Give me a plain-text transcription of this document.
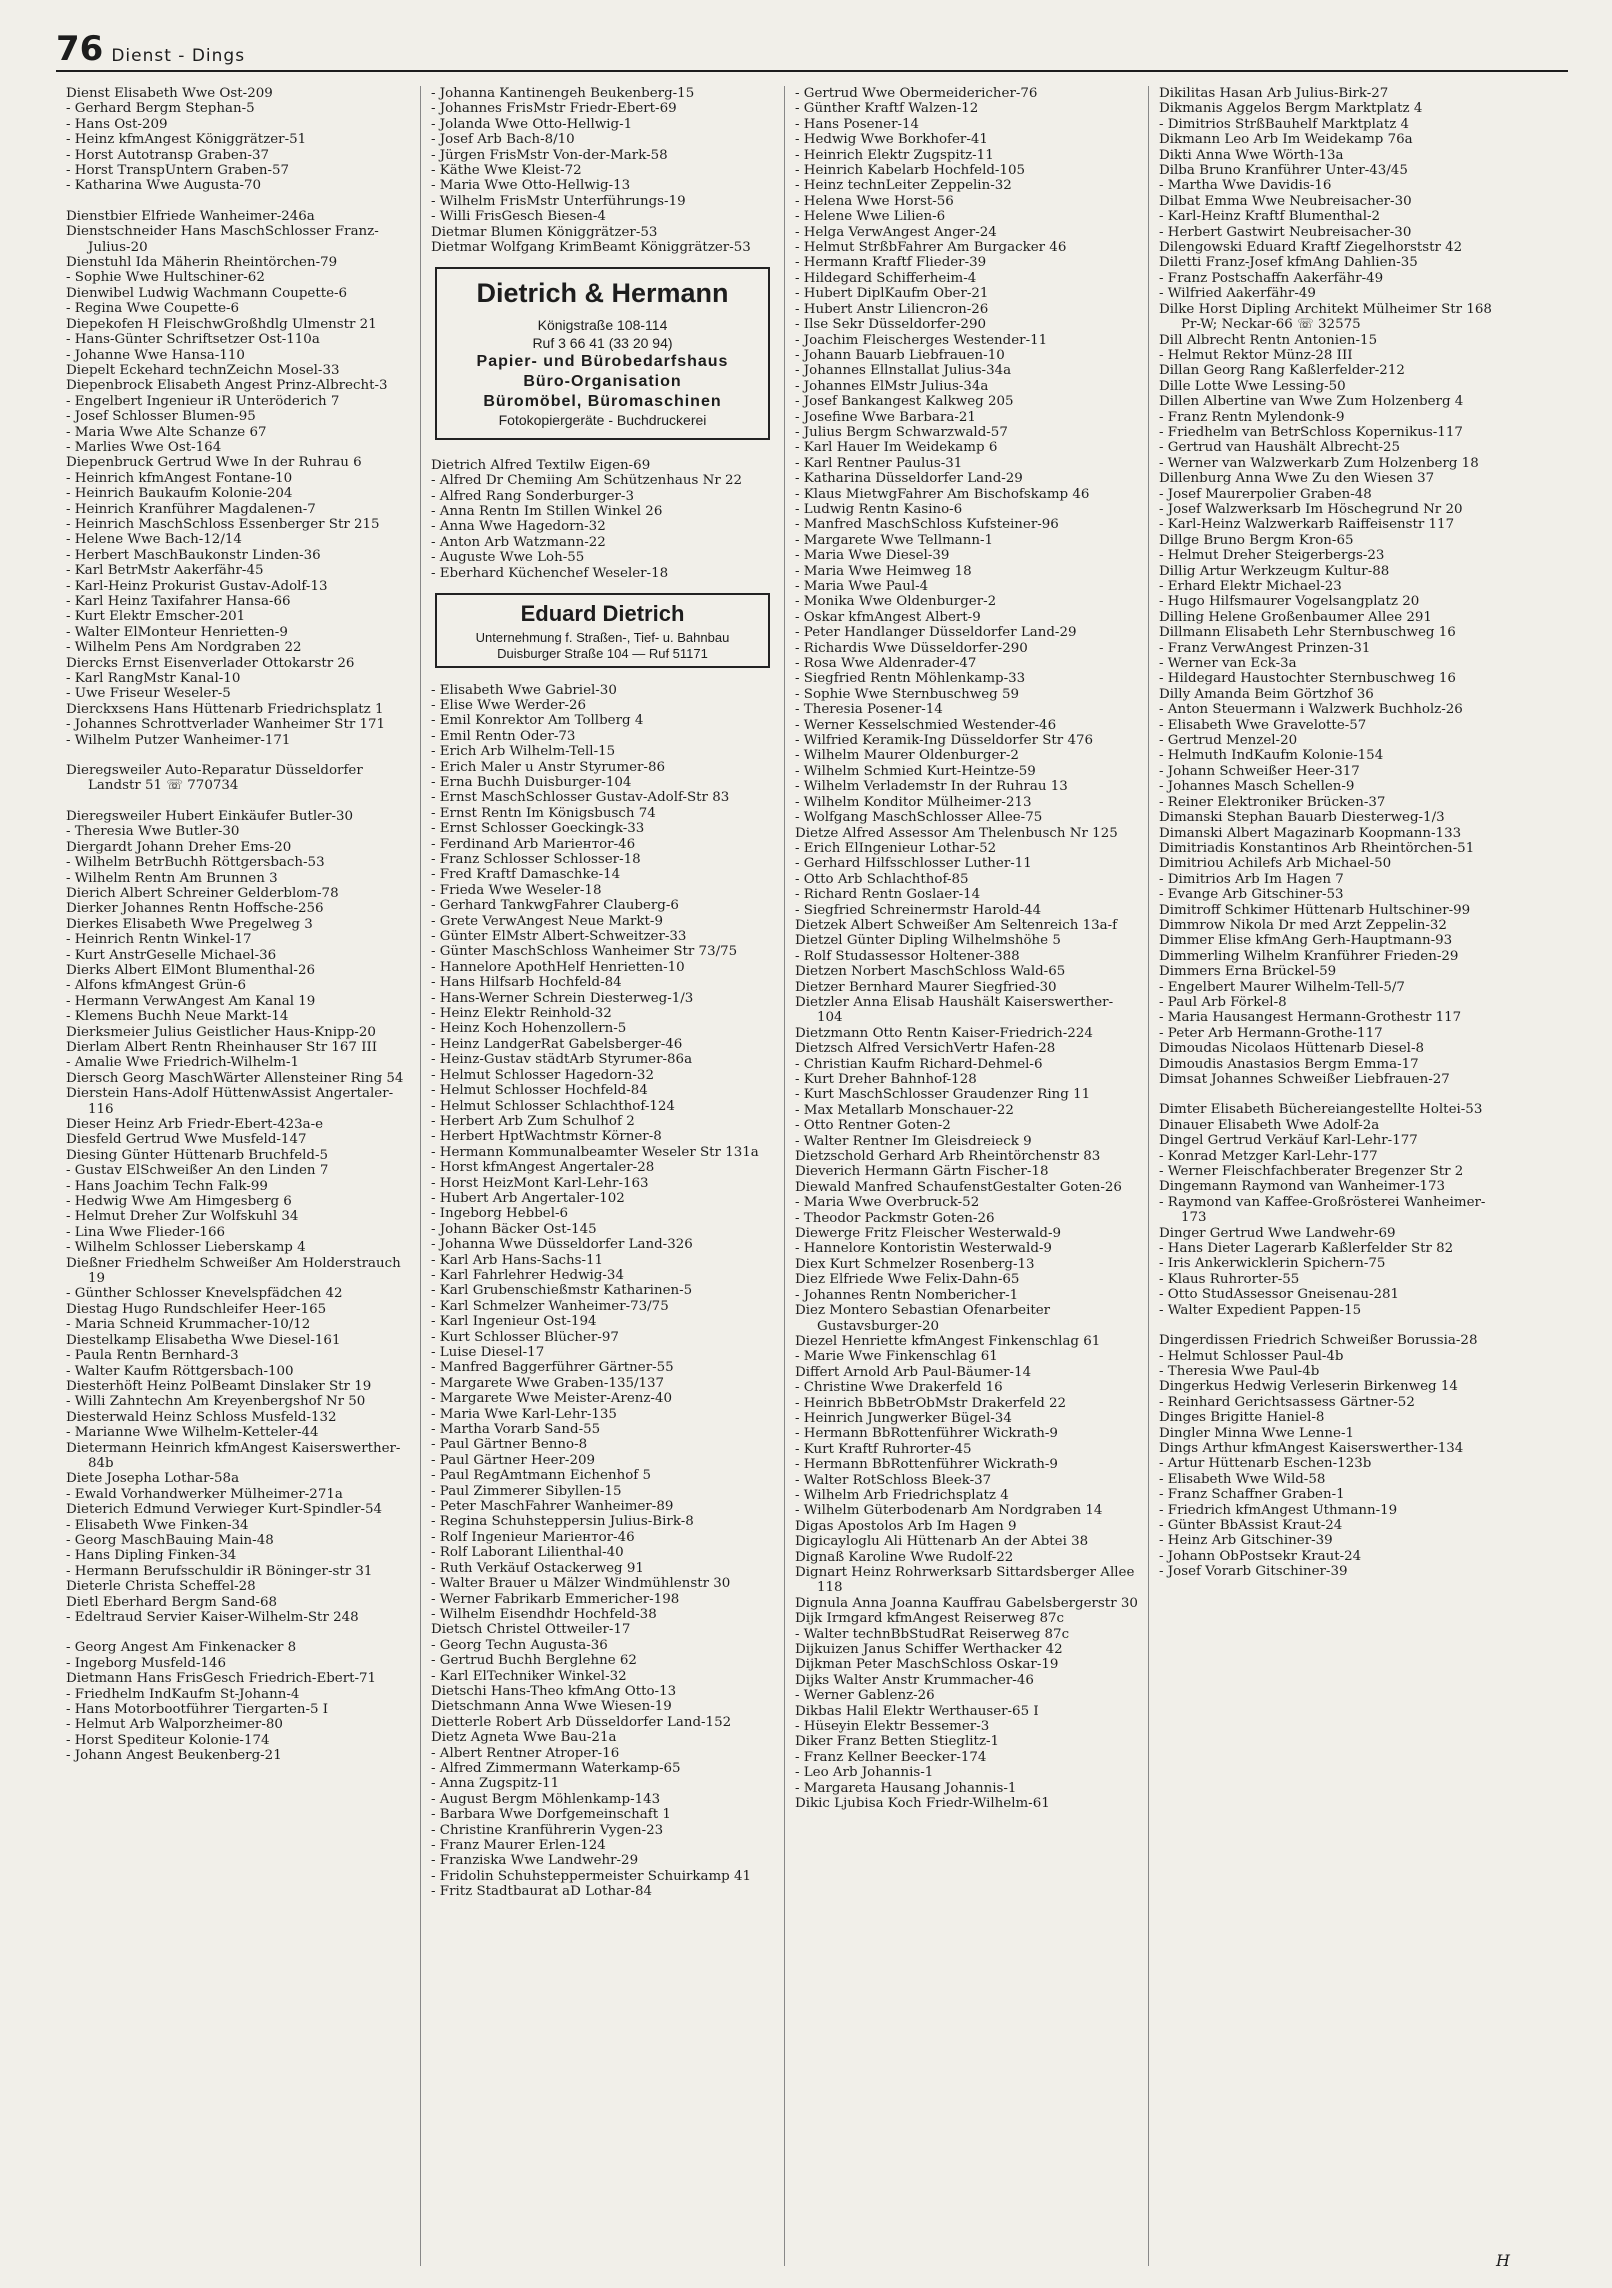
76 Dienst - Dings

Dienst Elisabeth Wwe Ost-209

- Gerhard Bergm Stephan-5

- Hans Ost-209

- Heinz kfmAngest Königgrätzer-51

- Horst Autotransp Graben-37

- Horst TranspUntern Graben-57

- Katharina Wwe Augusta-70

Dienstbier Elfriede Wanheimer-246a

Dienstschneider Hans MaschSchlosser Franz-Julius-20

Dienstuhl Ida Mäherin Rheintörchen-79

- Sophie Wwe Hultschiner-62

Dienwibel Ludwig Wachmann Coupette-6

- Regina Wwe Coupette-6

Diepekofen H FleischwGroßhdlg Ulmenstr 21

- Hans-Günter Schriftsetzer Ost-110a

- Johanne Wwe Hansa-110

Diepelt Eckehard technZeichn Mosel-33

Diepenbrock Elisabeth Angest Prinz-Albrecht-3

- Engelbert Ingenieur iR Unteröderich 7

- Josef Schlosser Blumen-95

- Maria Wwe Alte Schanze 67

- Marlies Wwe Ost-164

Diepenbruck Gertrud Wwe In der Ruhrau 6

- Heinrich kfmAngest Fontane-10

- Heinrich Baukaufm Kolonie-204

- Heinrich Kranführer Magdalenen-7

- Heinrich MaschSchloss Essenberger Str 215

- Helene Wwe Bach-12/14

- Herbert MaschBaukonstr Linden-36

- Karl BetrMstr Aakerfähr-45

- Karl-Heinz Prokurist Gustav-Adolf-13

- Karl Heinz Taxifahrer Hansa-66

- Kurt Elektr Emscher-201

- Walter ElMonteur Henrietten-9

- Wilhelm Pens Am Nordgraben 22

Diercks Ernst Eisenverlader Ottokarstr 26

- Karl RangMstr Kanal-10

- Uwe Friseur Weseler-5

Dierckxsens Hans Hüttenarb Friedrichsplatz 1

- Johannes Schrottverlader Wanheimer Str 171

- Wilhelm Putzer Wanheimer-171

Dieregsweiler Auto-Reparatur Düsseldorfer Landstr 51 ☏ 770734

Dieregsweiler Hubert Einkäufer Butler-30

- Theresia Wwe Butler-30

Diergardt Johann Dreher Ems-20

- Wilhelm BetrBuchh Röttgersbach-53

- Wilhelm Rentn Am Brunnen 3

Dierich Albert Schreiner Gelderblom-78

Dierker Johannes Rentn Hoffsche-256

Dierkes Elisabeth Wwe Pregelweg 3

- Heinrich Rentn Winkel-17

- Kurt AnstrGeselle Michael-36

Dierks Albert ElMont Blumenthal-26

- Alfons kfmAngest Grün-6

- Hermann VerwAngest Am Kanal 19

- Klemens Buchh Neue Markt-14

Dierksmeier Julius Geistlicher Haus-Knipp-20

Dierlam Albert Rentn Rheinhauser Str 167 III

- Amalie Wwe Friedrich-Wilhelm-1

Diersch Georg MaschWärter Allensteiner Ring 54

Dierstein Hans-Adolf HüttenwAssist Angertaler-116

Dieser Heinz Arb Friedr-Ebert-423a-e

Diesfeld Gertrud Wwe Musfeld-147

Diesing Günter Hüttenarb Bruchfeld-5

- Gustav ElSchweißer An den Linden 7

- Hans Joachim Techn Falk-99

- Hedwig Wwe Am Himgesberg 6

- Helmut Dreher Zur Wolfskuhl 34

- Lina Wwe Flieder-166

- Wilhelm Schlosser Lieberskamp 4

Dießner Friedhelm Schweißer Am Holderstrauch 19

- Günther Schlosser Knevelspfädchen 42

Diestag Hugo Rundschleifer Heer-165

- Maria Schneid Krummacher-10/12

Diestelkamp Elisabetha Wwe Diesel-161

- Paula Rentn Bernhard-3

- Walter Kaufm Röttgersbach-100

Diesterhöft Heinz PolBeamt Dinslaker Str 19

- Willi Zahntechn Am Kreyenbergshof Nr 50

Diesterwald Heinz Schloss Musfeld-132

- Marianne Wwe Wilhelm-Ketteler-44

Dietermann Heinrich kfmAngest Kaiserswerther-84b

Diete Josepha Lothar-58a

- Ewald Vorhandwerker Mülheimer-271a

Dieterich Edmund Verwieger Kurt-Spindler-54

- Elisabeth Wwe Finken-34

- Georg MaschBauing Main-48

- Hans Dipling Finken-34

- Hermann Berufsschuldir iR Böninger-str 31

Dieterle Christa Scheffel-28

Dietl Eberhard Bergm Sand-68

- Edeltraud Servier Kaiser-Wilhelm-Str 248

- Georg Angest Am Finkenacker 8

- Ingeborg Musfeld-146

Dietmann Hans FrisGesch Friedrich-Ebert-71

- Friedhelm IndKaufm St-Johann-4

- Hans Motorbootführer Tiergarten-5 I

- Helmut Arb Walporzheimer-80

- Horst Spediteur Kolonie-174

- Johann Angest Beukenberg-21

- Johanna Kantinengeh Beukenberg-15

- Johannes FrisMstr Friedr-Ebert-69

- Jolanda Wwe Otto-Hellwig-1

- Josef Arb Bach-8/10

- Jürgen FrisMstr Von-der-Mark-58

- Käthe Wwe Kleist-72

- Maria Wwe Otto-Hellwig-13

- Wilhelm FrisMstr Unterführungs-19

- Willi FrisGesch Biesen-4

Dietmar Blumen Königgrätzer-53

Dietmar Wolfgang KrimBeamt Königgrätzer-53

Dietrich & Hermann
Königstraße 108-114
Ruf 3 66 41 (33 20 94)
Papier- und Bürobedarfshaus
Büro-Organisation
Büromöbel, Büromaschinen
Fotokopiergeräte - Buchdruckerei

Dietrich Alfred Textilw Eigen-69

- Alfred Dr Chemiing Am Schützenhaus Nr 22

- Alfred Rang Sonderburger-3

- Anna Rentn Im Stillen Winkel 26

- Anna Wwe Hagedorn-32

- Anton Arb Watzmann-22

- Auguste Wwe Loh-55

- Eberhard Küchenchef Weseler-18

Eduard Dietrich
Unternehmung f. Straßen-, Tief- u. Bahnbau
Duisburger Straße 104 — Ruf 51171

- Elisabeth Wwe Gabriel-30

- Elise Wwe Werder-26

- Emil Konrektor Am Tollberg 4

- Emil Rentn Oder-73

- Erich Arb Wilhelm-Tell-15

- Erich Maler u Anstr Styrumer-86

- Erna Buchh Duisburger-104

- Ernst MaschSchlosser Gustav-Adolf-Str 83

- Ernst Rentn Im Königsbusch 74

- Ernst Schlosser Goeckingk-33

- Ferdinand Arb Mariентor-46

- Franz Schlosser Schlosser-18

- Fred Kraftf Damaschke-14

- Frieda Wwe Weseler-18

- Gerhard TankwgFahrer Clauberg-6

- Grete VerwAngest Neue Markt-9

- Günter ElMstr Albert-Schweitzer-33

- Günter MaschSchloss Wanheimer Str 73/75

- Hannelore ApothHelf Henrietten-10

- Hans Hilfsarb Hochfeld-84

- Hans-Werner Schrein Diesterweg-1/3

- Heinz Elektr Reinhold-32

- Heinz Koch Hohenzollern-5

- Heinz LandgerRat Gabelsberger-46

- Heinz-Gustav städtArb Styrumer-86a

- Helmut Schlosser Hagedorn-32

- Helmut Schlosser Hochfeld-84

- Helmut Schlosser Schlachthof-124

- Herbert Arb Zum Schulhof 2

- Herbert HptWachtmstr Körner-8

- Hermann Kommunalbeamter Weseler Str 131a

- Horst kfmAngest Angertaler-28

- Horst HeizMont Karl-Lehr-163

- Hubert Arb Angertaler-102

- Ingeborg Hebbel-6

- Johann Bäcker Ost-145

- Johanna Wwe Düsseldorfer Land-326

- Karl Arb Hans-Sachs-11

- Karl Fahrlehrer Hedwig-34

- Karl Grubenschießmstr Katharinen-5

- Karl Schmelzer Wanheimer-73/75

- Karl Ingenieur Ost-194

- Kurt Schlosser Blücher-97

- Luise Diesel-17

- Manfred Baggerführer Gärtner-55

- Margarete Wwe Graben-135/137

- Margarete Wwe Meister-Arenz-40

- Maria Wwe Karl-Lehr-135

- Martha Vorarb Sand-55

- Paul Gärtner Benno-8

- Paul Gärtner Heer-209

- Paul RegAmtmann Eichenhof 5

- Paul Zimmerer Sibyllen-15

- Peter MaschFahrer Wanheimer-89

- Regina Schuhsteppersin Julius-Birk-8

- Rolf Ingenieur Mariентor-46

- Rolf Laborant Lilienthal-40

- Ruth Verkäuf Ostackerweg 91

- Walter Brauer u Mälzer Windmühlenstr 30

- Werner Fabrikarb Emmericher-198

- Wilhelm Eisendhdr Hochfeld-38

Dietsch Christel Ottweiler-17

- Georg Techn Augusta-36

- Gertrud Buchh Berglehne 62

- Karl ElTechniker Winkel-32

Dietschi Hans-Theo kfmAng Otto-13

Dietschmann Anna Wwe Wiesen-19

Dietterle Robert Arb Düsseldorfer Land-152

Dietz Agneta Wwe Bau-21a

- Albert Rentner Atroper-16

- Alfred Zimmermann Waterkamp-65

- Anna Zugspitz-11

- August Bergm Möhlenkamp-143

- Barbara Wwe Dorfgemeinschaft 1

- Christine Kranführerin Vygen-23

- Franz Maurer Erlen-124

- Franziska Wwe Landwehr-29

- Fridolin Schuhsteppermeister Schuirkamp 41

- Fritz Stadtbaurat aD Lothar-84

- Gertrud Wwe Obermeidericher-76

- Günther Kraftf Walzen-12

- Hans Posener-14

- Hedwig Wwe Borkhofer-41

- Heinrich Elektr Zugspitz-11

- Heinrich Kabelarb Hochfeld-105

- Heinz technLeiter Zeppelin-32

- Helena Wwe Horst-56

- Helene Wwe Lilien-6

- Helga VerwAngest Anger-24

- Helmut StrßbFahrer Am Burgacker 46

- Hermann Kraftf Flieder-39

- Hildegard Schifferheim-4

- Hubert DiplKaufm Ober-21

- Hubert Anstr Liliencron-26

- Ilse Sekr Düsseldorfer-290

- Joachim Fleischerges Westender-11

- Johann Bauarb Liebfrauen-10

- Johannes Ellnstallat Julius-34a

- Johannes ElMstr Julius-34a

- Josef Bankangest Kalkweg 205

- Josefine Wwe Barbara-21

- Julius Bergm Schwarzwald-57

- Karl Hauer Im Weidekamp 6

- Karl Rentner Paulus-31

- Katharina Düsseldorfer Land-29

- Klaus MietwgFahrer Am Bischofskamp 46

- Ludwig Rentn Kasino-6

- Manfred MaschSchloss Kufsteiner-96

- Margarete Wwe Tellmann-1

- Maria Wwe Diesel-39

- Maria Wwe Heimweg 18

- Maria Wwe Paul-4

- Monika Wwe Oldenburger-2

- Oskar kfmAngest Albert-9

- Peter Handlanger Düsseldorfer Land-29

- Richardis Wwe Düsseldorfer-290

- Rosa Wwe Aldenrader-47

- Siegfried Rentn Möhlenkamp-33

- Sophie Wwe Sternbuschweg 59

- Theresia Posener-14

- Werner Kesselschmied Westender-46

- Wilfried Keramik-Ing Düsseldorfer Str 476

- Wilhelm Maurer Oldenburger-2

- Wilhelm Schmied Kurt-Heintze-59

- Wilhelm Verlademstr In der Ruhrau 13

- Wilhelm Konditor Mülheimer-213

- Wolfgang MaschSchlosser Allee-75

Dietze Alfred Assessor Am Thelenbusch Nr 125

- Erich ElIngenieur Lothar-52

- Gerhard Hilfsschlosser Luther-11

- Otto Arb Schlachthof-85

- Richard Rentn Goslaer-14

- Siegfried Schreinermstr Harold-44

Dietzek Albert Schweißer Am Seltenreich 13a-f

Dietzel Günter Dipling Wilhelmshöhe 5

- Rolf Studassessor Holtener-388

Dietzen Norbert MaschSchloss Wald-65

Dietzer Bernhard Maurer Siegfried-30

Dietzler Anna Elisab Haushält Kaiserswerther-104

Dietzmann Otto Rentn Kaiser-Friedrich-224

Dietzsch Alfred VersichVertr Hafen-28

- Christian Kaufm Richard-Dehmel-6

- Kurt Dreher Bahnhof-128

- Kurt MaschSchlosser Graudenzer Ring 11

- Max Metallarb Monschauer-22

- Otto Rentner Goten-2

- Walter Rentner Im Gleisdreieck 9

Dietzschold Gerhard Arb Rheintörchenstr 83

Dieverich Hermann Gärtn Fischer-18

Diewald Manfred SchaufenstGestalter Goten-26

- Maria Wwe Overbruck-52

- Theodor Packmstr Goten-26

Diewerge Fritz Fleischer Westerwald-9

- Hannelore Kontoristin Westerwald-9

Diex Kurt Schmelzer Rosenberg-13

Diez Elfriede Wwe Felix-Dahn-65

- Johannes Rentn Nombericher-1

Diez Montero Sebastian Ofenarbeiter Gustavsburger-20

Diezel Henriette kfmAngest Finkenschlag 61

- Marie Wwe Finkenschlag 61

Differt Arnold Arb Paul-Bäumer-14

- Christine Wwe Drakerfeld 16

- Heinrich BbBetrObMstr Drakerfeld 22

- Heinrich Jungwerker Bügel-34

- Hermann BbRottenführer Wickrath-9

- Kurt Kraftf Ruhrorter-45

- Hermann BbRottenführer Wickrath-9

- Walter RotSchloss Bleek-37

- Wilhelm Arb Friedrichsplatz 4

- Wilhelm Güterbodenarb Am Nordgraben 14

Digas Apostolos Arb Im Hagen 9

Digicayloglu Ali Hüttenarb An der Abtei 38

Dignaß Karoline Wwe Rudolf-22

Dignart Heinz Rohrwerksarb Sittardsberger Allee 118

Dignula Anna Joanna Kauffrau Gabelsbergerstr 30

Dijk Irmgard kfmAngest Reiserweg 87c

- Walter technBbStudRat Reiserweg 87c

Dijkuizen Janus Schiffer Werthacker 42

Dijkman Peter MaschSchloss Oskar-19

Dijks Walter Anstr Krummacher-46

- Werner Gablenz-26

Dikbas Halil Elektr Werthauser-65 I

- Hüseyin Elektr Bessemer-3

Diker Franz Betten Stieglitz-1

- Franz Kellner Beecker-174

- Leo Arb Johannis-1

- Margareta Hausang Johannis-1

Dikic Ljubisa Koch Friedr-Wilhelm-61

Dikilitas Hasan Arb Julius-Birk-27

Dikmanis Aggelos Bergm Marktplatz 4

- Dimitrios StrßBauhelf Marktplatz 4

Dikmann Leo Arb Im Weidekamp 76a

Dikti Anna Wwe Wörth-13a

Dilba Bruno Kranführer Unter-43/45

- Martha Wwe Davidis-16

Dilbat Emma Wwe Neubreisacher-30

- Karl-Heinz Kraftf Blumenthal-2

- Herbert Gastwirt Neubreisacher-30

Dilengowski Eduard Kraftf Ziegelhorststr 42

Diletti Franz-Josef kfmAng Dahlien-35

- Franz Postschaffn Aakerfähr-49

- Wilfried Aakerfähr-49

Dilke Horst Dipling Architekt Mülheimer Str 168 Pr-W; Neckar-66 ☏ 32575

Dill Albrecht Rentn Antonien-15

- Helmut Rektor Münz-28 III

Dillan Georg Rang Kaßlerfelder-212

Dille Lotte Wwe Lessing-50

Dillen Albertine van Wwe Zum Holzenberg 4

- Franz Rentn Mylendonk-9

- Friedhelm van BetrSchloss Kopernikus-117

- Gertrud van Haushält Albrecht-25

- Werner van Walzwerkarb Zum Holzenberg 18

Dillenburg Anna Wwe Zu den Wiesen 37

- Josef Maurerpolier Graben-48

- Josef Walzwerksarb Im Höschegrund Nr 20

- Karl-Heinz Walzwerkarb Raiffeisenstr 117

Dillge Bruno Bergm Kron-65

- Helmut Dreher Steigerbergs-23

Dillig Artur Werkzeugm Kultur-88

- Erhard Elektr Michael-23

- Hugo Hilfsmaurer Vogelsangplatz 20

Dilling Helene Großenbaumer Allee 291

Dillmann Elisabeth Lehr Sternbuschweg 16

- Franz VerwAngest Prinzen-31

- Werner van Eck-3a

- Hildegard Haustochter Sternbuschweg 16

Dilly Amanda Beim Görtzhof 36

- Anton Steuermann i Walzwerk Buchholz-26

- Elisabeth Wwe Gravelotte-57

- Gertrud Menzel-20

- Helmuth IndKaufm Kolonie-154

- Johann Schweißer Heer-317

- Johannes Masch Schellen-9

- Reiner Elektroniker Brücken-37

Dimanski Stephan Bauarb Diesterweg-1/3

Dimanski Albert Magazinarb Koopmann-133

Dimitriadis Konstantinos Arb Rheintörchen-51

Dimitriou Achilefs Arb Michael-50

- Dimitrios Arb Im Hagen 7

- Evange Arb Gitschiner-53

Dimitroff Schkimer Hüttenarb Hultschiner-99

Dimmrow Nikola Dr med Arzt Zeppelin-32

Dimmer Elise kfmAng Gerh-Hauptmann-93

Dimmerling Wilhelm Kranführer Frieden-29

Dimmers Erna Brückel-59

- Engelbert Maurer Wilhelm-Tell-5/7

- Paul Arb Förkel-8

- Maria Hausangest Hermann-Grothestr 117

- Peter Arb Hermann-Grothe-117

Dimoudas Nicolaos Hüttenarb Diesel-8

Dimoudis Anastasios Bergm Emma-17

Dimsat Johannes Schweißer Liebfrauen-27

Dimter Elisabeth Büchereiangestellte Holtei-53

Dinauer Elisabeth Wwe Adolf-2a

Dingel Gertrud Verkäuf Karl-Lehr-177

- Konrad Metzger Karl-Lehr-177

- Werner Fleischfachberater Bregenzer Str 2

Dingemann Raymond van Wanheimer-173

- Raymond van Kaffee-Großrösterei Wanheimer-173

Dinger Gertrud Wwe Landwehr-69

- Hans Dieter Lagerarb Kaßlerfelder Str 82

- Iris Ankerwicklerin Spichern-75

- Klaus Ruhrorter-55

- Otto StudAssessor Gneisenau-281

- Walter Expedient Pappen-15

Dingerdissen Friedrich Schweißer Borussia-28

- Helmut Schlosser Paul-4b

- Theresia Wwe Paul-4b

Dingerkus Hedwig Verleserin Birkenweg 14

- Reinhard Gerichtsassess Gärtner-52

Dinges Brigitte Haniel-8

Dingler Minna Wwe Lenne-1

Dings Arthur kfmAngest Kaiserswerther-134

- Artur Hüttenarb Eschen-123b

- Elisabeth Wwe Wild-58

- Franz Schaffner Graben-1

- Friedrich kfmAngest Uthmann-19

- Günter BbAssist Kraut-24

- Heinz Arb Gitschiner-39

- Johann ObPostsekr Kraut-24

- Josef Vorarb Gitschiner-39

H
